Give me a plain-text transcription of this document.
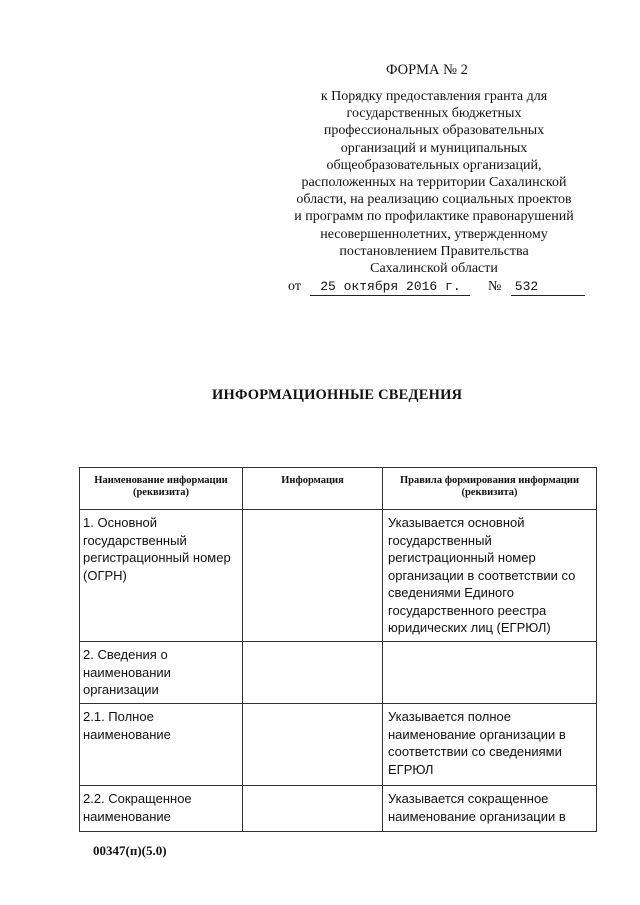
ФОРМА № 2
к Порядку предоставления гранта для
государственных бюджетных
профессиональных образовательных
организаций и муниципальных
общеобразовательных организаций,
расположенных на территории Сахалинской
области, на реализацию социальных проектов
и программ по профилактике правонарушений
несовершеннолетних, утвержденному
постановлением Правительства
Сахалинской области
от 25 октября 2016 г. № 532
ИНФОРМАЦИОННЫЕ СВЕДЕНИЯ
Наименование информации (реквизита)	Информация	Правила формирования информации (реквизита)
1. Основной государственный регистрационный номер (ОГРН)		Указывается основной государственный регистрационный номер организации в соответствии со сведениями Единого государственного реестра юридических лиц (ЕГРЮЛ)
2. Сведения о наименовании организации		
2.1. Полное наименование		Указывается полное наименование организации в соответствии со сведениями ЕГРЮЛ
2.2. Сокращенное наименование		Указывается сокращенное наименование организации в
00347(п)(5.0)
